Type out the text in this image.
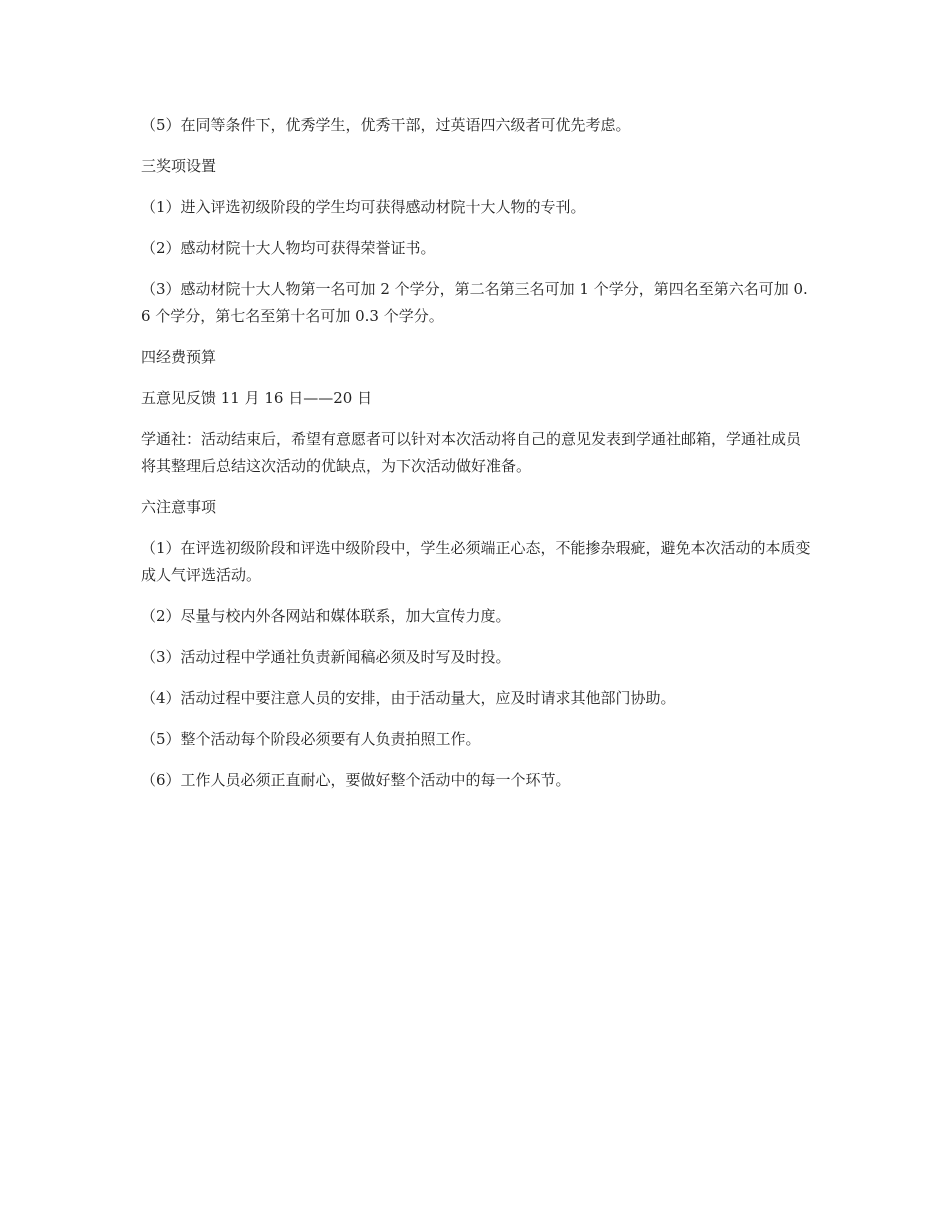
（5）在同等条件下，优秀学生，优秀干部，过英语四六级者可优先考虑。

三奖项设置

（1）进入评选初级阶段的学生均可获得感动材院十大人物的专刊。

（2）感动材院十大人物均可获得荣誉证书。

（3）感动材院十大人物第一名可加 2 个学分，第二名第三名可加 1 个学分，第四名至第六名可加 0.6 个学分，第七名至第十名可加 0.3 个学分。

四经费预算

五意见反馈 11 月 16 日——20 日

学通社：活动结束后，希望有意愿者可以针对本次活动将自己的意见发表到学通社邮箱，学通社成员将其整理后总结这次活动的优缺点，为下次活动做好准备。

六注意事项

（1）在评选初级阶段和评选中级阶段中，学生必须端正心态，不能掺杂瑕疵，避免本次活动的本质变成人气评选活动。

（2）尽量与校内外各网站和媒体联系，加大宣传力度。

（3）活动过程中学通社负责新闻稿必须及时写及时投。

（4）活动过程中要注意人员的安排，由于活动量大，应及时请求其他部门协助。

（5）整个活动每个阶段必须要有人负责拍照工作。

（6）工作人员必须正直耐心，要做好整个活动中的每一个环节。
